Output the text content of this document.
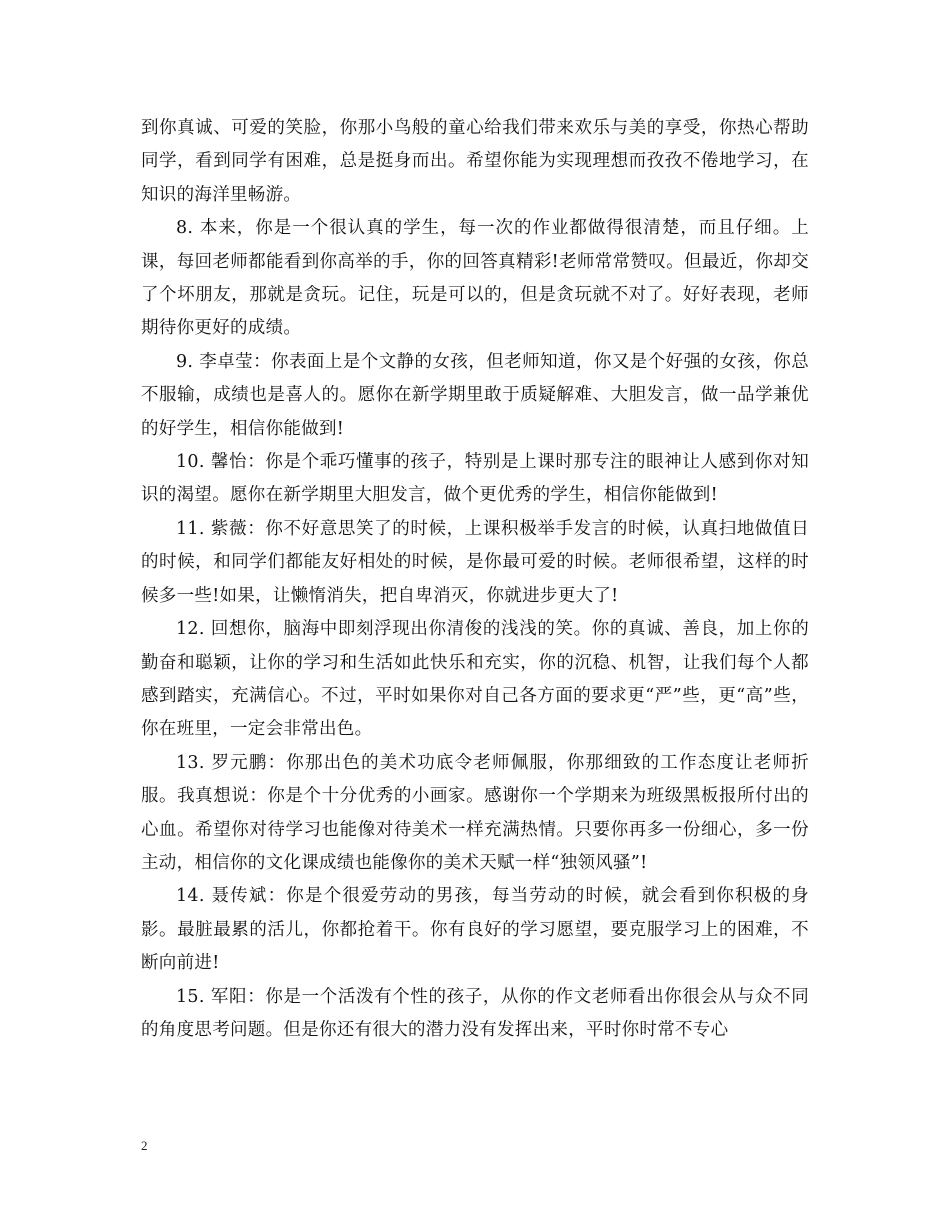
到你真诚、可爱的笑脸，你那小鸟般的童心给我们带来欢乐与美的享受，你热心帮助同学，看到同学有困难，总是挺身而出。希望你能为实现理想而孜孜不倦地学习，在知识的海洋里畅游。

8. 本来，你是一个很认真的学生，每一次的作业都做得很清楚，而且仔细。上课，每回老师都能看到你高举的手，你的回答真精彩!老师常常赞叹。但最近，你却交了个坏朋友，那就是贪玩。记住，玩是可以的，但是贪玩就不对了。好好表现，老师期待你更好的成绩。

9. 李卓莹：你表面上是个文静的女孩，但老师知道，你又是个好强的女孩，你总不服输，成绩也是喜人的。愿你在新学期里敢于质疑解难、大胆发言，做一品学兼优的好学生，相信你能做到!

10. 馨怡：你是个乖巧懂事的孩子，特别是上课时那专注的眼神让人感到你对知识的渴望。愿你在新学期里大胆发言，做个更优秀的学生，相信你能做到!

11. 紫薇：你不好意思笑了的时候，上课积极举手发言的时候，认真扫地做值日的时候，和同学们都能友好相处的时候，是你最可爱的时候。老师很希望，这样的时候多一些!如果，让懒惰消失，把自卑消灭，你就进步更大了!

12. 回想你，脑海中即刻浮现出你清俊的浅浅的笑。你的真诚、善良，加上你的勤奋和聪颖，让你的学习和生活如此快乐和充实，你的沉稳、机智，让我们每个人都感到踏实，充满信心。不过，平时如果你对自己各方面的要求更“严”些，更“高”些，你在班里，一定会非常出色。

13. 罗元鹏：你那出色的美术功底令老师佩服，你那细致的工作态度让老师折服。我真想说：你是个十分优秀的小画家。感谢你一个学期来为班级黑板报所付出的心血。希望你对待学习也能像对待美术一样充满热情。只要你再多一份细心，多一份主动，相信你的文化课成绩也能像你的美术天赋一样“独领风骚”!

14. 聂传斌：你是个很爱劳动的男孩，每当劳动的时候，就会看到你积极的身影。最脏最累的活儿，你都抢着干。你有良好的学习愿望，要克服学习上的困难，不断向前进!

15. 军阳：你是一个活泼有个性的孩子，从你的作文老师看出你很会从与众不同的角度思考问题。但是你还有很大的潜力没有发挥出来，平时你时常不专心

2
